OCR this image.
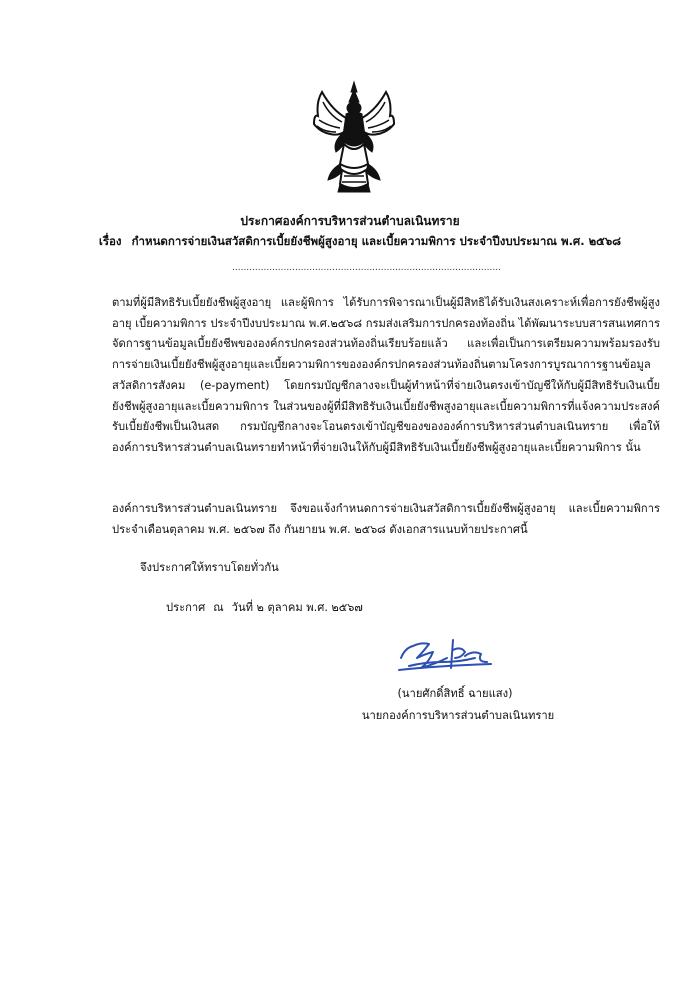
ประกาศองค์การบริหารส่วนตำบลเนินทราย
เรื่อง กำหนดการจ่ายเงินสวัสดิการเบี้ยยังชีพผู้สูงอายุ และเบี้ยความพิการ ประจำปีงบประมาณ พ.ศ. ๒๕๖๘
..............................................................................................
ตามที่ผู้มีสิทธิรับเบี้ยยังชีพผู้สูงอายุ และผู้พิการ ได้รับการพิจารณาเป็นผู้มีสิทธิได้รับเงินสงเคราะห์เพื่อการยังชีพผู้สูงอายุ เบี้ยความพิการ ประจำปีงบประมาณ พ.ศ.๒๕๖๘ กรมส่งเสริมการปกครองท้องถิ่น ได้พัฒนาระบบสารสนเทศการจัดการฐานข้อมูลเบี้ยยังชีพขององค์กรปกครองส่วนท้องถิ่นเรียบร้อยแล้ว และเพื่อเป็นการเตรียมความพร้อมรองรับการจ่ายเงินเบี้ยยังชีพผู้สูงอายุและเบี้ยความพิการขององค์กรปกครองส่วนท้องถิ่นตามโครงการบูรณาการฐานข้อมูลสวัสดิการสังคม (e-payment) โดยกรมบัญชีกลางจะเป็นผู้ทำหน้าที่จ่ายเงินตรงเข้าบัญชีให้กับผู้มีสิทธิรับเงินเบี้ยยังชีพผู้สูงอายุและเบี้ยความพิการ ในส่วนของผู้ที่มีสิทธิรับเงินเบี้ยยังชีพสูงอายุและเบี้ยความพิการที่แจ้งความประสงค์รับเบี้ยยังชีพเป็นเงินสด กรมบัญชีกลางจะโอนตรงเข้าบัญชีของขององค์การบริหารส่วนตำบลเนินทราย เพื่อให้องค์การบริหารส่วนตำบลเนินทรายทำหน้าที่จ่ายเงินให้กับผู้มีสิทธิรับเงินเบี้ยยังชีพผู้สูงอายุและเบี้ยความพิการ นั้น
องค์การบริหารส่วนตำบลเนินทราย จึงขอแจ้งกำหนดการจ่ายเงินสวัสดิการเบี้ยยังชีพผู้สูงอายุ และเบี้ยความพิการ ประจำเดือนตุลาคม พ.ศ. ๒๕๖๗ ถึง กันยายน พ.ศ. ๒๕๖๘ ดังเอกสารแนบท้ายประกาศนี้
จึงประกาศให้ทราบโดยทั่วกัน
ประกาศ ณ วันที่ ๒ ตุลาคม พ.ศ. ๒๕๖๗
(นายศักดิ์สิทธิ์ ฉายแสง)
นายกองค์การบริหารส่วนตำบลเนินทราย
